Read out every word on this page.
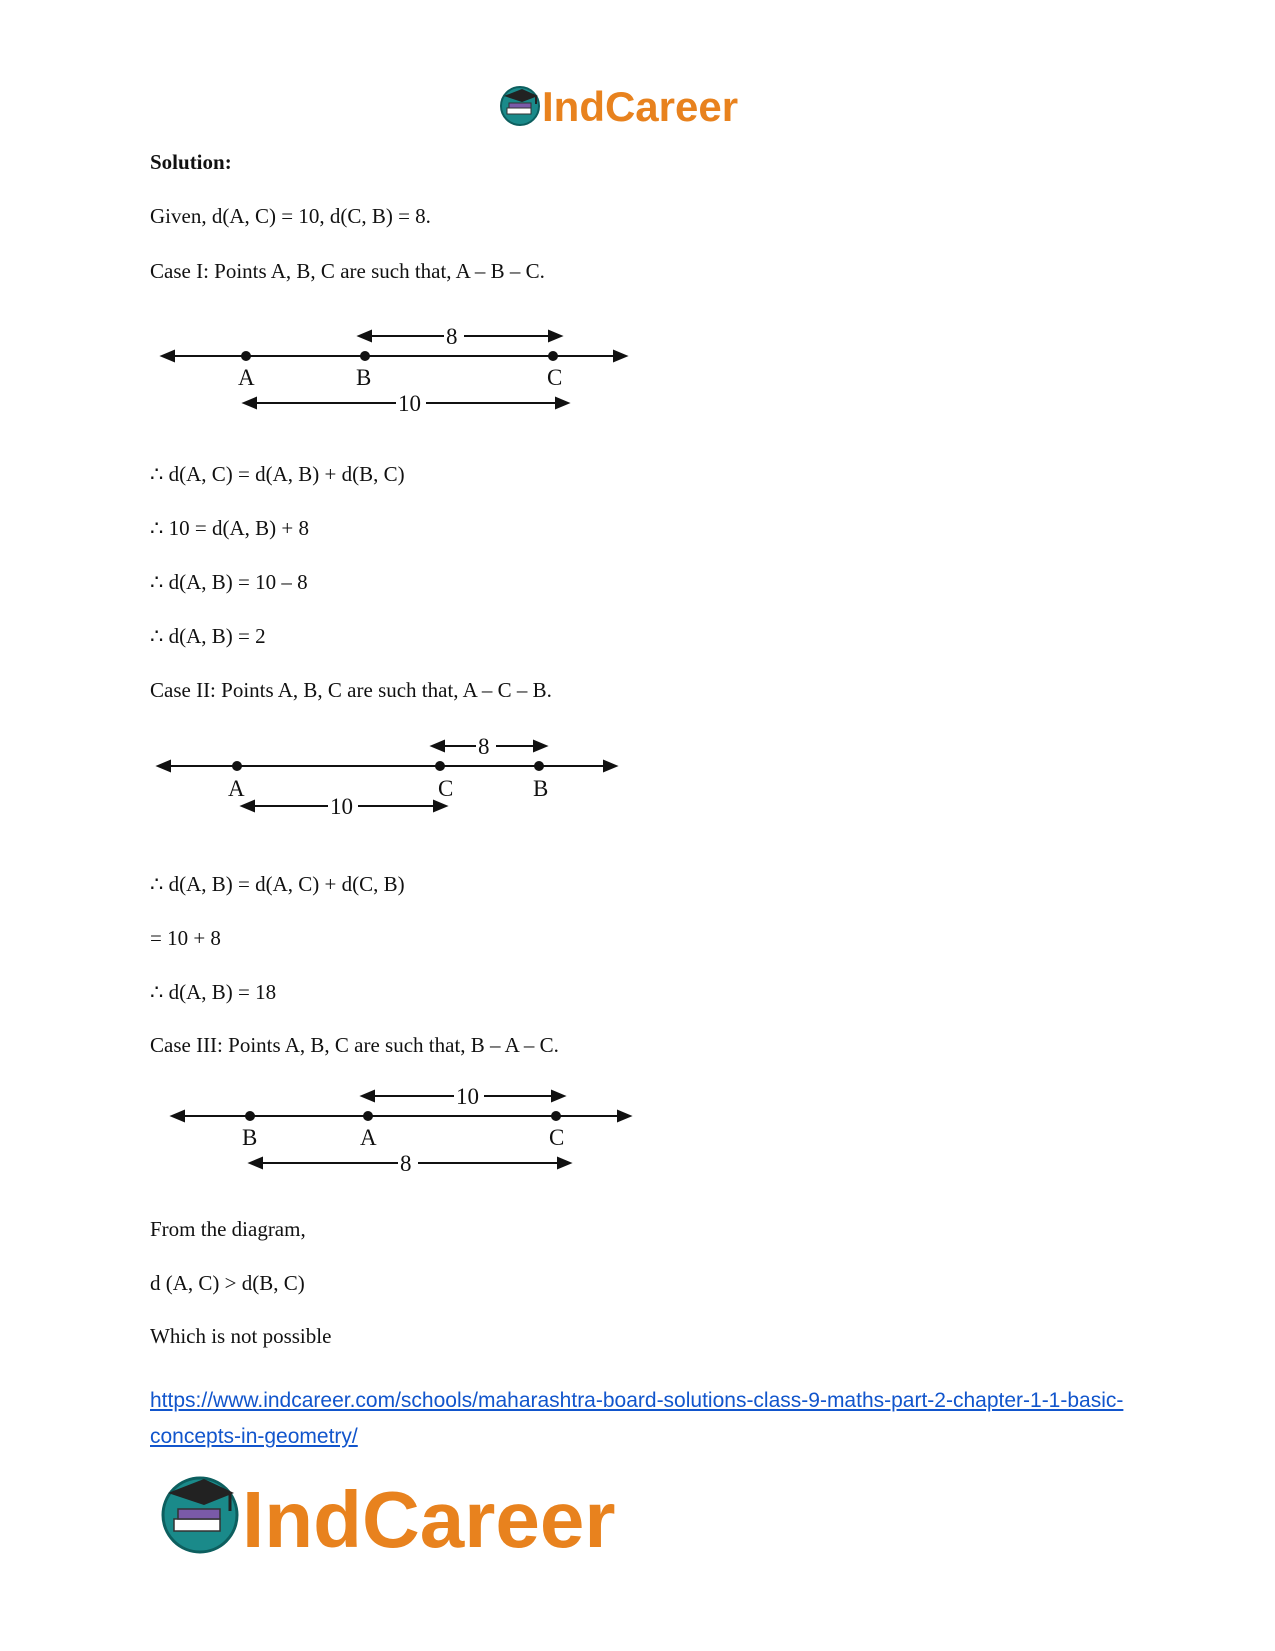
IndCareer
Solution:
Given, d(A, C) = 10, d(C, B) = 8.
Case I: Points A, B, C are such that, A – B – C.
8
10
A	B	C
∴ d(A, C) = d(A, B) + d(B, C)
∴ 10 = d(A, B) + 8
∴ d(A, B) = 10 – 8
∴ d(A, B) = 2
Case II: Points A, B, C are such that, A – C – B.
8
10
A	C	B
∴ d(A, B) = d(A, C) + d(C, B)
= 10 + 8
∴ d(A, B) = 18
Case III: Points A, B, C are such that, B – A – C.
10
8
B	A	C
From the diagram,
d (A, C) > d(B, C)
Which is not possible
https://www.indcareer.com/schools/maharashtra-board-solutions-class-9-maths-part-2-chapter-1-1-basic-concepts-in-geometry/
IndCareer
